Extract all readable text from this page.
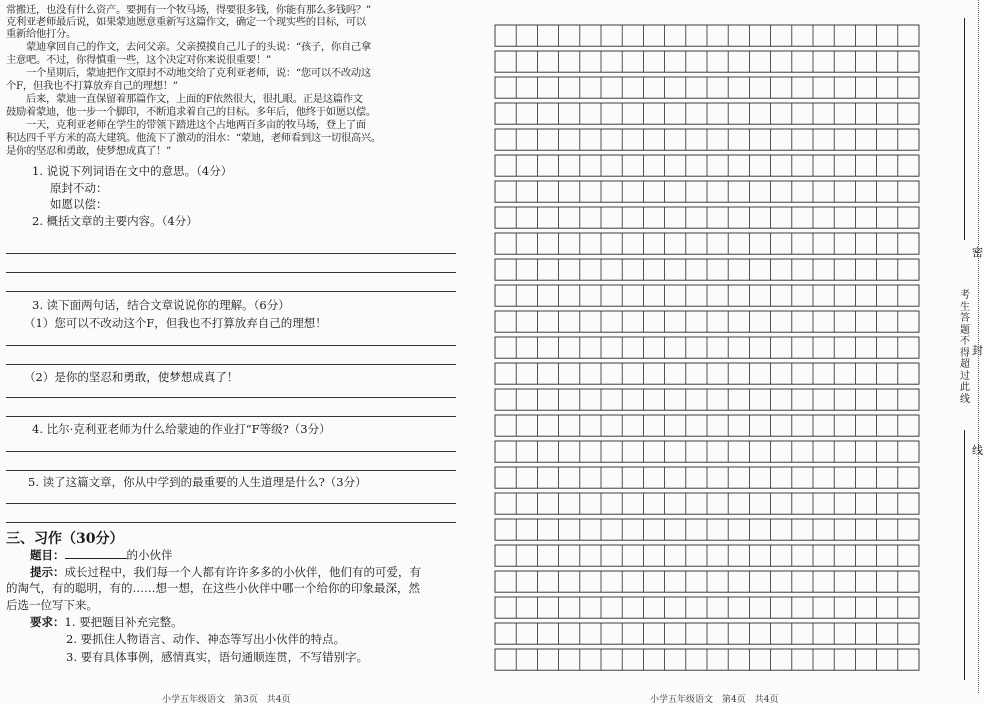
常搬迁，也没有什么资产。要拥有一个牧马场，得要很多钱，你能有那么多钱吗？”

克利亚老师最后说，如果蒙迪愿意重新写这篇作文，确定一个现实些的目标，可以

重新给他打分。

　　蒙迪拿回自己的作文，去问父亲。父亲摸摸自己儿子的头说：“孩子，你自己拿

主意吧。不过，你得慎重一些，这个决定对你来说很重要！”

　　一个星期后，蒙迪把作文原封不动地交给了克利亚老师，说：“您可以不改动这

个F，但我也不打算放弃自己的理想！”

　　后来，蒙迪一直保留着那篇作文，上面的F依然很大，很扎眼。正是这篇作文

鼓励着蒙迪，他一步一个脚印，不断追求着自己的目标。多年后，他终于如愿以偿。

　　一天，克利亚老师在学生的带领下踏进这个占地两百多亩的牧马场，登上了面

积达四千平方米的高大建筑。他流下了激动的泪水：“蒙迪，老师看到这一切很高兴。

是你的坚忍和勇敢，使梦想成真了！”

1. 说说下列词语在文中的意思。（4分）

原封不动：

如愿以偿：

2. 概括文章的主要内容。（4分）

3. 读下面两句话，结合文章说说你的理解。（6分）

（1）您可以不改动这个F，但我也不打算放弃自己的理想！

（2）是你的坚忍和勇敢，使梦想成真了！

4. 比尔·克利亚老师为什么给蒙迪的作业打“F等级?（3分）

5. 读了这篇文章，你从中学到的最重要的人生道理是什么?（3分）

三、习作（30分）

题目：	的小伙伴

提示：成长过程中，我们每一个人都有许许多多的小伙伴，他们有的可爱，有

的淘气，有的聪明，有的……想一想，在这些小伙伴中哪一个给你的印象最深，然

后选一位写下来。

要求：1. 要把题目补充完整。

2. 要抓住人物语言、动作、神态等写出小伙伴的特点。

3. 要有具体事例，感情真实，语句通顺连贯，不写错别字。

小学五年级语文　第3页　共4页	小学五年级语文　第4页　共4页

密
考生答题不得超过此线
封
线
